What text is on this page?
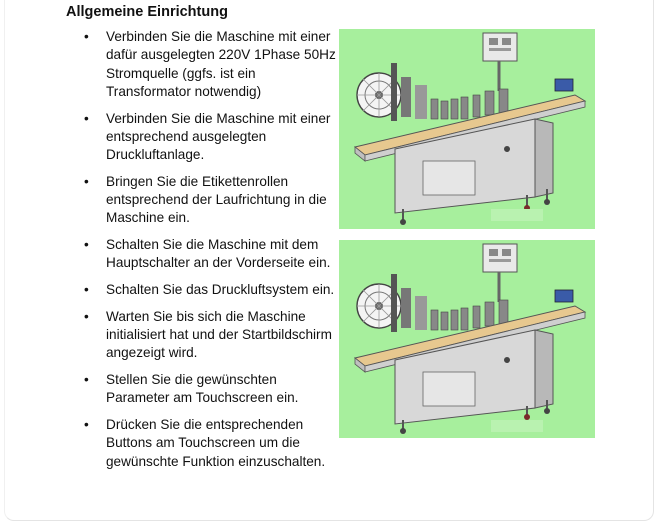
Allgemeine Einrichtung
• Verbinden Sie die Maschine mit einer dafür ausgelegten 220V 1Phase 50Hz Stromquelle (ggfs. ist ein Transformator notwendig)
• Verbinden Sie die Maschine mit einer entsprechend ausgelegten Druckluftanlage.
• Bringen Sie die Etikettenrollen entsprechend der Laufrichtung in die Maschine ein.
• Schalten Sie die Maschine mit dem Hauptschalter an der Vorderseite ein.
• Schalten Sie das Druckluftsystem ein.
• Warten Sie bis sich die Maschine initialisiert hat und der Startbildschirm angezeigt wird.
• Stellen Sie die gewünschten Parameter am Touchscreen ein.
• Drücken Sie die entsprechenden Buttons am Touchscreen um die gewünschte Funktion einzuschalten.
